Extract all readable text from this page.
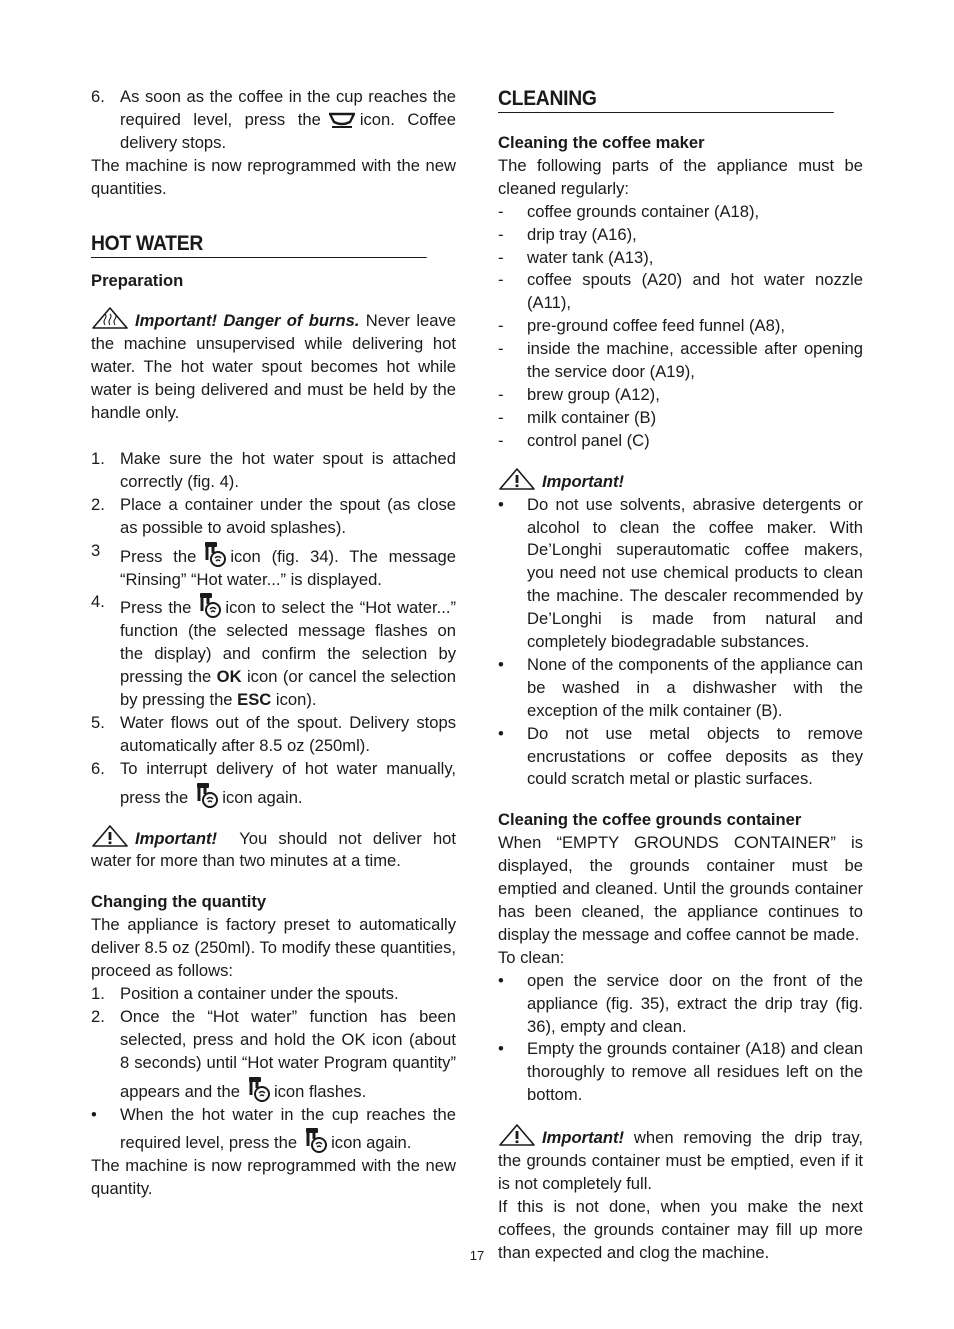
6. As soon as the coffee in the cup reaches the required level, press the icon. Coffee delivery stops.

The machine is now reprogrammed with the new quantities.

HOT WATER
Preparation

Important! Danger of burns. Never leave the machine unsupervised while delivering hot water. The hot water spout becomes hot while water is being delivered and must be held by the handle only.

1. Make sure the hot water spout is attached correctly (fig. 4).
2. Place a container under the spout (as close as possible to avoid splashes).
3	Press the icon (fig. 34). The message “Rinsing” “Hot water...” is displayed.
4. Press the icon to select the “Hot water...” function (the selected message flashes on the display) and confirm the selection by pressing the OK icon (or cancel the selection by pressing the ESC icon).
5. Water flows out of the spout. Delivery stops automatically after 8.5 oz (250ml).
6. To interrupt delivery of hot water manually, press the icon again.

Important! You should not deliver hot water for more than two minutes at a time.

Changing the quantity

The appliance is factory preset to automatically deliver 8.5 oz (250ml). To modify these quantities, proceed as follows:

1. Position a container under the spouts.
2. Once the “Hot water” function has been selected, press and hold the OK icon (about 8 seconds) until “Hot water Program quantity” appears and the icon flashes.
•	When the hot water in the cup reaches the required level, press the icon again.

The machine is now reprogrammed with the new quantity.

CLEANING
Cleaning the coffee maker

The following parts of the appliance must be cleaned regularly:

-	coffee grounds container (A18),
-	drip tray (A16),
-	water tank (A13),
-	coffee spouts (A20) and hot water nozzle (A11),
-	pre-ground coffee feed funnel (A8),
-	inside the machine, accessible after opening the service door (A19),
-	brew group (A12),
-	milk container (B)
-	control panel (C)

Important!

•	Do not use solvents, abrasive detergents or alcohol to clean the coffee maker. With De’Longhi superautomatic coffee makers, you need not use chemical products to clean the machine. The descaler recommended by De’Longhi is made from natural and completely biodegradable substances.
•	None of the components of the appliance can be washed in a dishwasher with the exception of the milk container (B).
•	Do not use metal objects to remove encrustations or coffee deposits as they could scratch metal or plastic surfaces.
Cleaning the coffee grounds container

When “EMPTY GROUNDS CONTAINER” is displayed, the grounds container must be emptied and cleaned. Until the grounds container has been cleaned, the appliance continues to display the message and coffee cannot be made.

To clean:

•	open the service door on the front of the appliance (fig. 35), extract the drip tray (fig. 36), empty and clean.
•	Empty the grounds container (A18) and clean thoroughly to remove all residues left on the bottom.

Important! when removing the drip tray, the grounds container must be emptied, even if it is not completely full.

If this is not done, when you make the next coffees, the grounds container may fill up more than expected and clog the machine.

17
